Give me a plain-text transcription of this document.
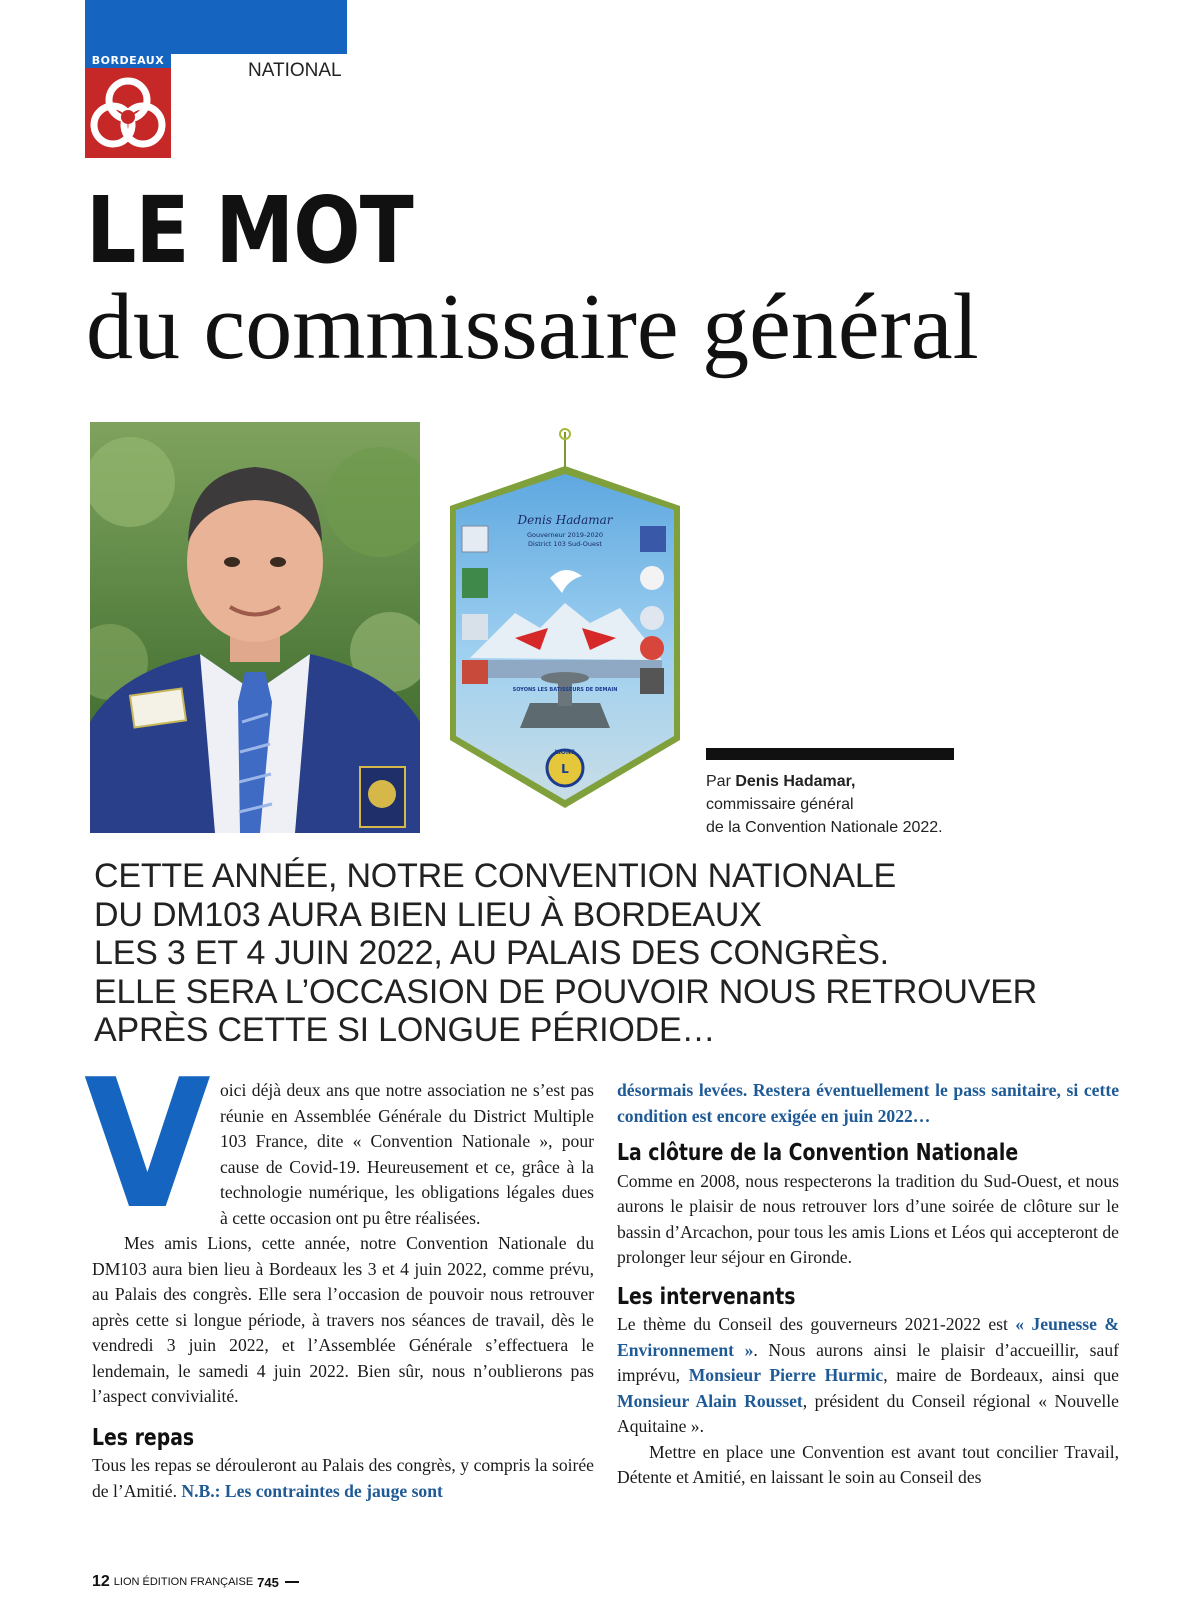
BORDEAUX	NATIONAL
LE MOT
du commissaire général
L
Denis Hadamar
Gouverneur 2019-2020
District 103 Sud-Ouest
SOYONS LES BATISSEURS DE DEMAIN
LIONS
Par Denis Hadamar,
commissaire général
de la Convention Nationale 2022.
CETTE ANNÉE, NOTRE CONVENTION NATIONALE
DU DM103 AURA BIEN LIEU À BORDEAUX
LES 3 ET 4 JUIN 2022, AU PALAIS DES CONGRÈS.
ELLE SERA L’OCCASION DE POUVOIR NOUS RETROUVER
APRÈS CETTE SI LONGUE PÉRIODE…
V oici déjà deux ans que notre association ne s’est pas réunie en Assemblée Générale du District Multiple 103 France, dite « Convention Nationale », pour cause de Covid-19. Heureusement et ce, grâce à la technologie numérique, les obligations légales dues à cette occasion ont pu être réalisées.

Mes amis Lions, cette année, notre Convention Nationale du DM103 aura bien lieu à Bordeaux les 3 et 4 juin 2022, comme prévu, au Palais des congrès. Elle sera l’occasion de pouvoir nous retrouver après cette si longue période, à travers nos séances de travail, dès le vendredi 3 juin 2022, et l’Assemblée Générale s’effectuera le lendemain, le samedi 4 juin 2022. Bien sûr, nous n’oublierons pas l’aspect convivialité.

Les repas

Tous les repas se dérouleront au Palais des congrès, y compris la soirée de l’Amitié. N.B.: Les contraintes de jauge sont

désormais levées. Restera éventuellement le pass sanitaire, si cette condition est encore exigée en juin 2022…

La clôture de la Convention Nationale

Comme en 2008, nous respecterons la tradition du Sud-Ouest, et nous aurons le plaisir de nous retrouver lors d’une soirée de clôture sur le bassin d’Arcachon, pour tous les amis Lions et Léos qui accepteront de prolonger leur séjour en Gironde.

Les intervenants

Le thème du Conseil des gouverneurs 2021-2022 est « Jeunesse & Environnement ». Nous aurons ainsi le plaisir d’accueillir, sauf imprévu, Monsieur Pierre Hurmic, maire de Bordeaux, ainsi que Monsieur Alain Rousset, président du Conseil régional « Nouvelle Aquitaine ».

Mettre en place une Convention est avant tout concilier Travail, Détente et Amitié, en laissant le soin au Conseil des

12 LION ÉDITION FRANÇAISE 745
